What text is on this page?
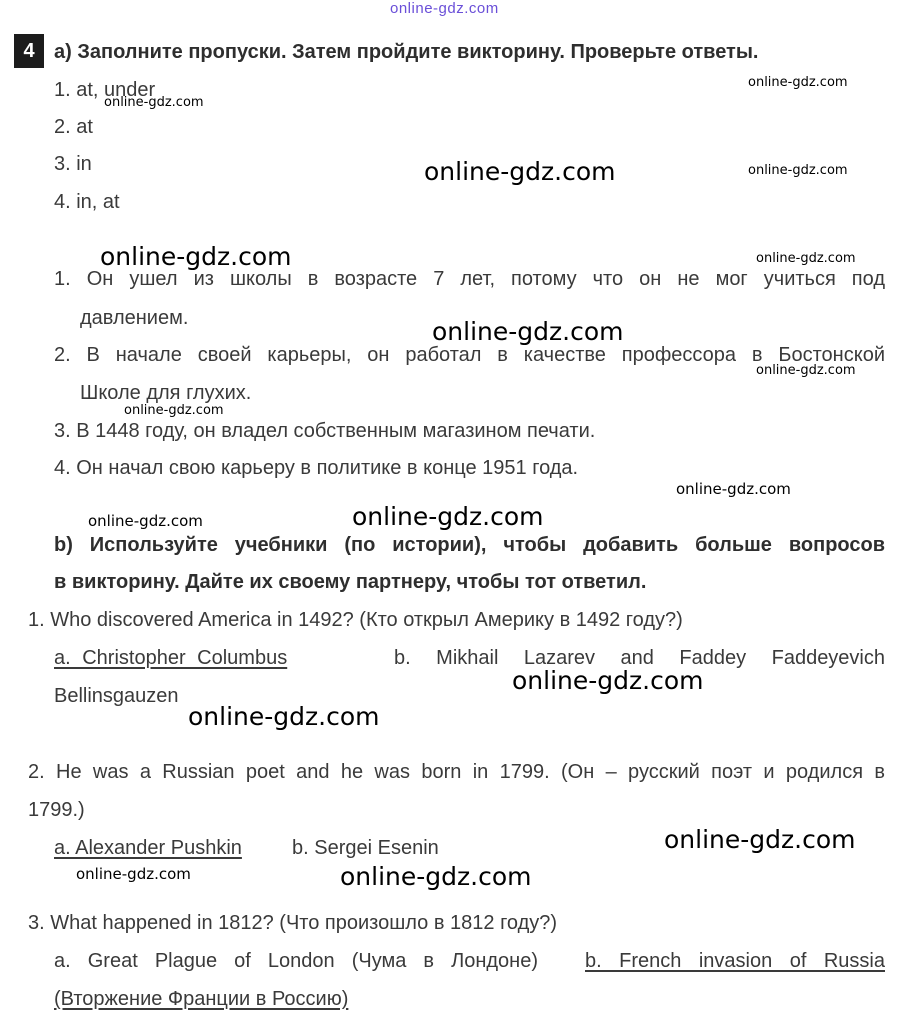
online-gdz.com
4 a) Заполните пропуски. Затем пройдите викторину. Проверьте ответы.
1. at, under
2. at
3. in
4. in, at
1. Он ушел из школы в возрасте 7 лет, потому что он не мог учиться под
давлением.
2. В начале своей карьеры, он работал в качестве профессора в Бостонской
Школе для глухих.
3. В 1448 году, он владел собственным магазином печати.
4. Он начал свою карьеру в политике в конце 1951 года.
b) Используйте учебники (по истории), чтобы добавить больше вопросов
в викторину. Дайте их своему партнеру, чтобы тот ответил.
1. Who discovered America in 1492? (Кто открыл Америку в 1492 году?)
a. Christopher Columbus	b. Mikhail Lazarev and Faddey Faddeyevich
Bellinsgauzen
2. He was a Russian poet and he was born in 1799. (Он – русский поэт и родился в
1799.)
a. Alexander Pushkin	b. Sergei Esenin
3. What happened in 1812? (Что произошло в 1812 году?)
a. Great Plague of London (Чума в Лондоне) b. French invasion of Russia
(Вторжение Франции в Россию)
online-gdz.com
online-gdz.com
online-gdz.com	online-gdz.com
online-gdz.com	online-gdz.com
online-gdz.com
online-gdz.com
online-gdz.com
online-gdz.com
online-gdz.com	online-gdz.com
online-gdz.com
online-gdz.com
online-gdz.com
online-gdz.com	online-gdz.com
